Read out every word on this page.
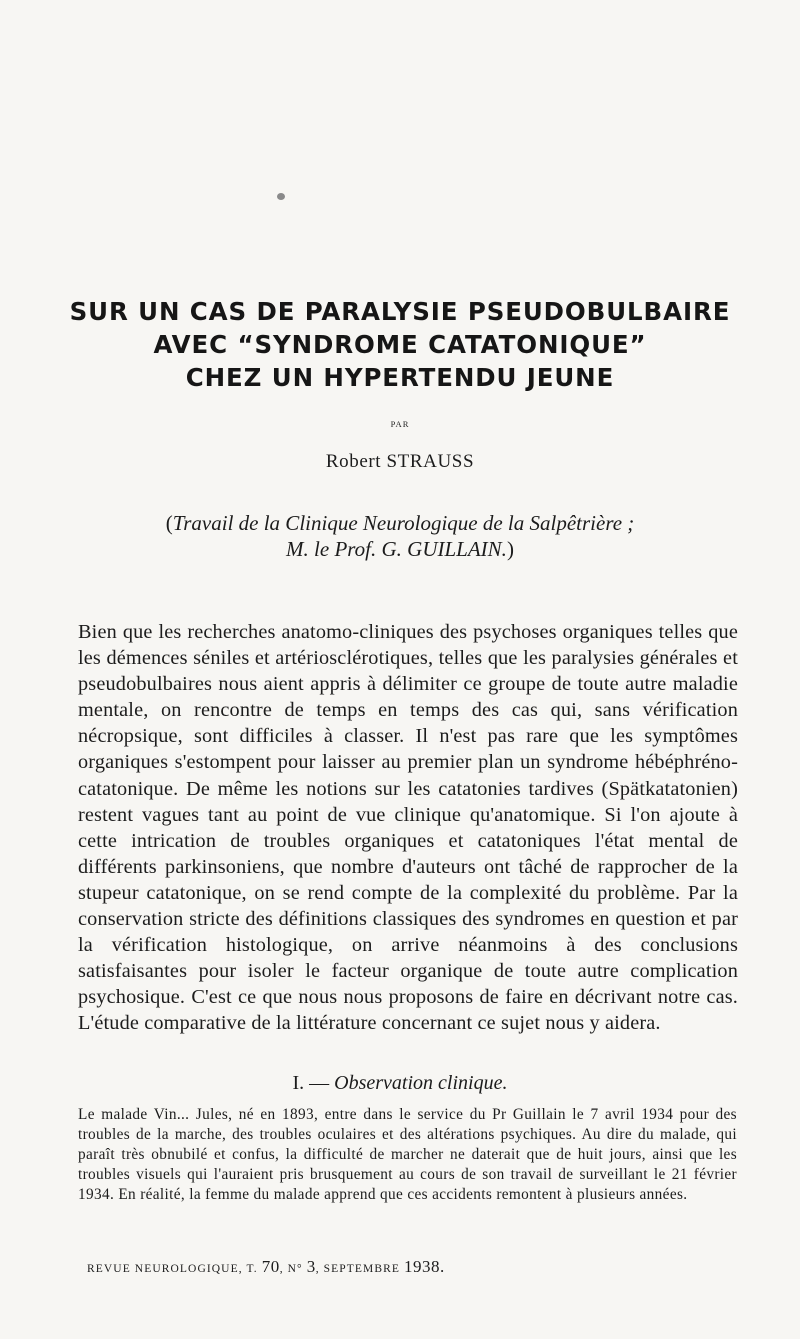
SUR UN CAS DE PARALYSIE PSEUDOBULBAIRE
AVEC “SYNDROME CATATONIQUE”
CHEZ UN HYPERTENDU JEUNE
PAR
Robert STRAUSS
(Travail de la Clinique Neurologique de la Salpêtrière ;
M. le Prof. G. GUILLAIN.)

Bien que les recherches anatomo-cliniques des psychoses organiques telles que les démences séniles et artériosclérotiques, telles que les paralysies générales et pseudobulbaires nous aient appris à délimiter ce groupe de toute autre maladie mentale, on rencontre de temps en temps des cas qui, sans vérification nécropsique, sont difficiles à classer. Il n'est pas rare que les symptômes organiques s'estompent pour laisser au premier plan un syndrome hébéphréno-catatonique. De même les notions sur les catatonies tardives (Spätkatatonien) restent vagues tant au point de vue clinique qu'anatomique. Si l'on ajoute à cette intrication de troubles organiques et catatoniques l'état mental de différents parkinsoniens, que nombre d'auteurs ont tâché de rapprocher de la stupeur catatonique, on se rend compte de la complexité du problème. Par la conservation stricte des définitions classiques des syndromes en question et par la vérification histologique, on arrive néanmoins à des conclusions satisfaisantes pour isoler le facteur organique de toute autre complication psychosique. C'est ce que nous nous proposons de faire en décrivant notre cas. L'étude comparative de la littérature concernant ce sujet nous y aidera.

I. — Observation clinique.

Le malade Vin... Jules, né en 1893, entre dans le service du Pr Guillain le 7 avril 1934 pour des troubles de la marche, des troubles oculaires et des altérations psychiques. Au dire du malade, qui paraît très obnubilé et confus, la difficulté de marcher ne daterait que de huit jours, ainsi que les troubles visuels qui l'auraient pris brusquement au cours de son travail de surveillant le 21 février 1934. En réalité, la femme du malade apprend que ces accidents remontent à plusieurs années.

REVUE NEUROLOGIQUE, T. 70, N° 3, SEPTEMBRE 1938.
